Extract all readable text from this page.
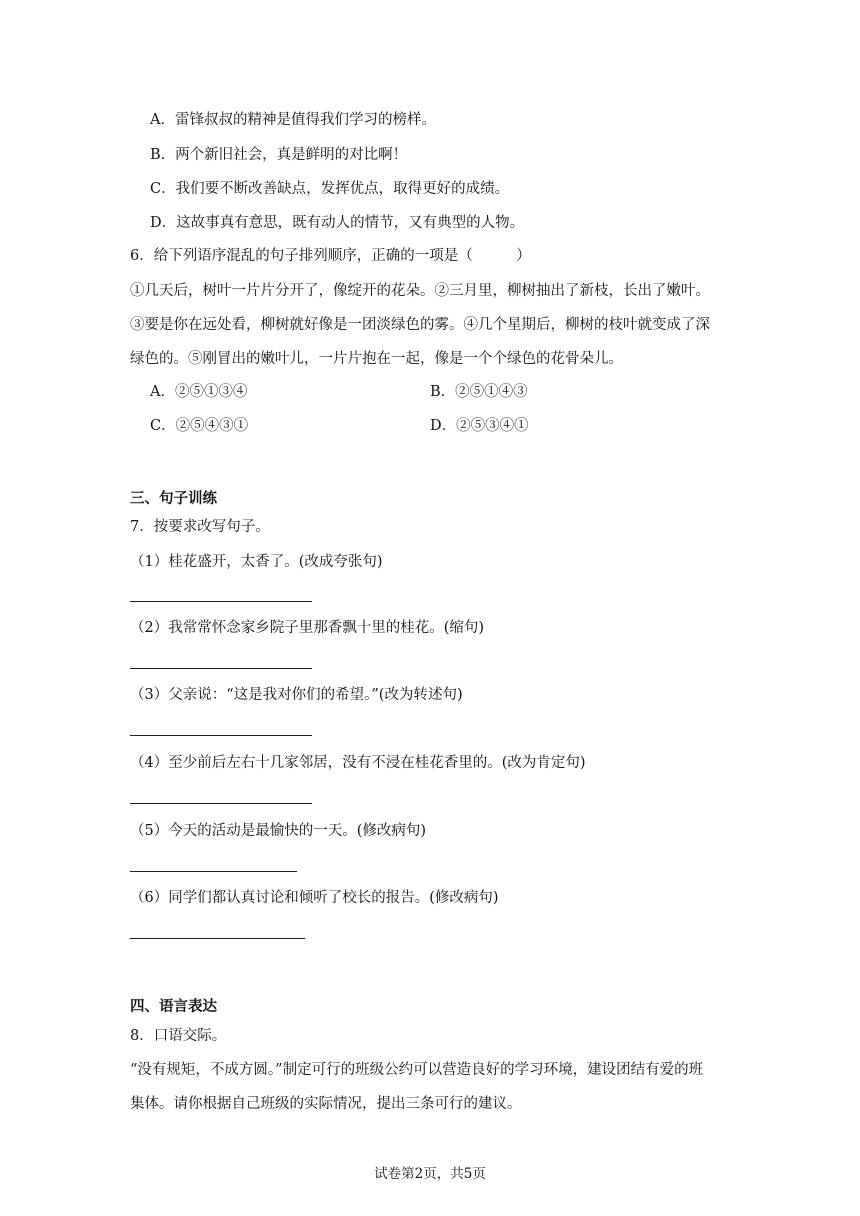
A．雷锋叔叔的精神是值得我们学习的榜样。
B．两个新旧社会，真是鲜明的对比啊！
C．我们要不断改善缺点，发挥优点，取得更好的成绩。
D．这故事真有意思，既有动人的情节，又有典型的人物。
6．给下列语序混乱的句子排列顺序，正确的一项是（　　　）
①几天后，树叶一片片分开了，像绽开的花朵。②三月里，柳树抽出了新枝，长出了嫩叶。
③要是你在远处看，柳树就好像是一团淡绿色的雾。④几个星期后，柳树的枝叶就变成了深
绿色的。⑤刚冒出的嫩叶儿，一片片抱在一起，像是一个个绿色的花骨朵儿。
A．②⑤①③④	B．②⑤①④③
C．②⑤④③①	D．②⑤③④①
三、句子训练
7．按要求改写句子。
（1）桂花盛开，太香了。(改成夸张句)
（2）我常常怀念家乡院子里那香飘十里的桂花。(缩句)
（3）父亲说：“这是我对你们的希望。”(改为转述句)
（4）至少前后左右十几家邻居，没有不浸在桂花香里的。(改为肯定句)
（5）今天的活动是最愉快的一天。(修改病句)
（6）同学们都认真讨论和倾听了校长的报告。(修改病句)
四、语言表达
8．口语交际。
“没有规矩，不成方圆。”制定可行的班级公约可以营造良好的学习环境，建设团结有爱的班
集体。请你根据自己班级的实际情况，提出三条可行的建议。
试卷第2页，共5页
